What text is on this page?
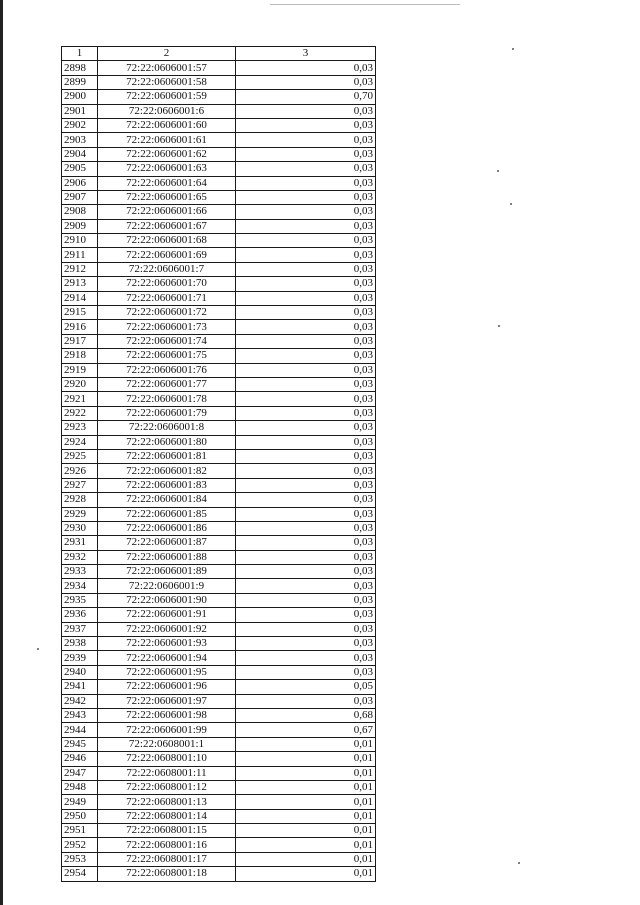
1	2	3
2898	72:22:0606001:57	0,03
2899	72:22:0606001:58	0,03
2900	72:22:0606001:59	0,70
2901	72:22:0606001:6	0,03
2902	72:22:0606001:60	0,03
2903	72:22:0606001:61	0,03
2904	72:22:0606001:62	0,03
2905	72:22:0606001:63	0,03
2906	72:22:0606001:64	0,03
2907	72:22:0606001:65	0,03
2908	72:22:0606001:66	0,03
2909	72:22:0606001:67	0,03
2910	72:22:0606001:68	0,03
2911	72:22:0606001:69	0,03
2912	72:22:0606001:7	0,03
2913	72:22:0606001:70	0,03
2914	72:22:0606001:71	0,03
2915	72:22:0606001:72	0,03
2916	72:22:0606001:73	0,03
2917	72:22:0606001:74	0,03
2918	72:22:0606001:75	0,03
2919	72:22:0606001:76	0,03
2920	72:22:0606001:77	0,03
2921	72:22:0606001:78	0,03
2922	72:22:0606001:79	0,03
2923	72:22:0606001:8	0,03
2924	72:22:0606001:80	0,03
2925	72:22:0606001:81	0,03
2926	72:22:0606001:82	0,03
2927	72:22:0606001:83	0,03
2928	72:22:0606001:84	0,03
2929	72:22:0606001:85	0,03
2930	72:22:0606001:86	0,03
2931	72:22:0606001:87	0,03
2932	72:22:0606001:88	0,03
2933	72:22:0606001:89	0,03
2934	72:22:0606001:9	0,03
2935	72:22:0606001:90	0,03
2936	72:22:0606001:91	0,03
2937	72:22:0606001:92	0,03
2938	72:22:0606001:93	0,03
2939	72:22:0606001:94	0,03
2940	72:22:0606001:95	0,03
2941	72:22:0606001:96	0,05
2942	72:22:0606001:97	0,03
2943	72:22:0606001:98	0,68
2944	72:22:0606001:99	0,67
2945	72:22:0608001:1	0,01
2946	72:22:0608001:10	0,01
2947	72:22:0608001:11	0,01
2948	72:22:0608001:12	0,01
2949	72:22:0608001:13	0,01
2950	72:22:0608001:14	0,01
2951	72:22:0608001:15	0,01
2952	72:22:0608001:16	0,01
2953	72:22:0608001:17	0,01
2954	72:22:0608001:18	0,01
